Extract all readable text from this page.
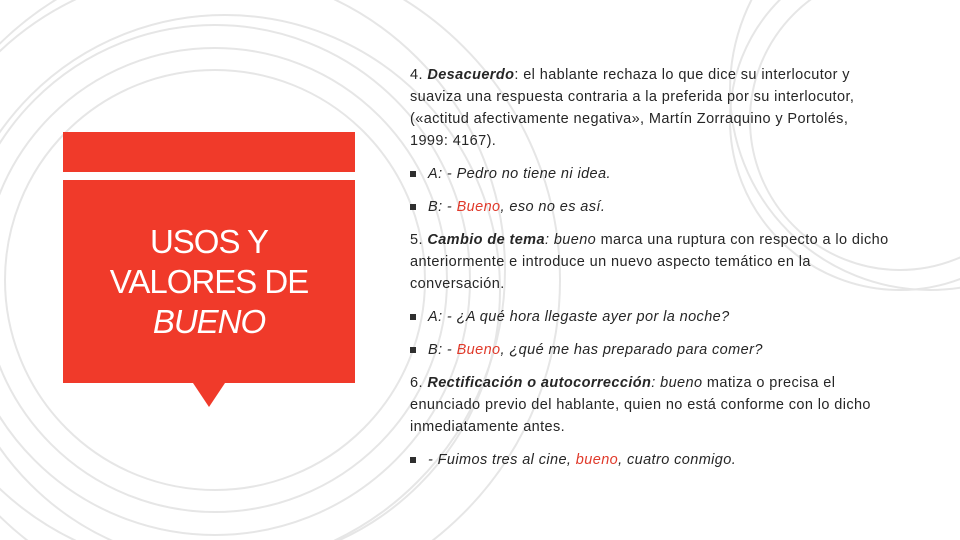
USOS Y
VALORES DE
BUENO

4. Desacuerdo: el hablante rechaza lo que dice su interlocutor y suaviza una respuesta contraria a la preferida por su interlocutor, («actitud afectivamente negativa», Martín Zorraquino y Portolés, 1999: 4167).

A: - Pedro no tiene ni idea.
B: - Bueno, eso no es así.

5. Cambio de tema: bueno marca una ruptura con respecto a lo dicho anteriormente e introduce un nuevo aspecto temático en la conversación.

A: - ¿A qué hora llegaste ayer por la noche?
B: - Bueno, ¿qué me has preparado para comer?

6. Rectificación o autocorrección: bueno matiza o precisa el enunciado previo del hablante, quien no está conforme con lo dicho inmediatamente antes.

- Fuimos tres al cine, bueno, cuatro conmigo.
